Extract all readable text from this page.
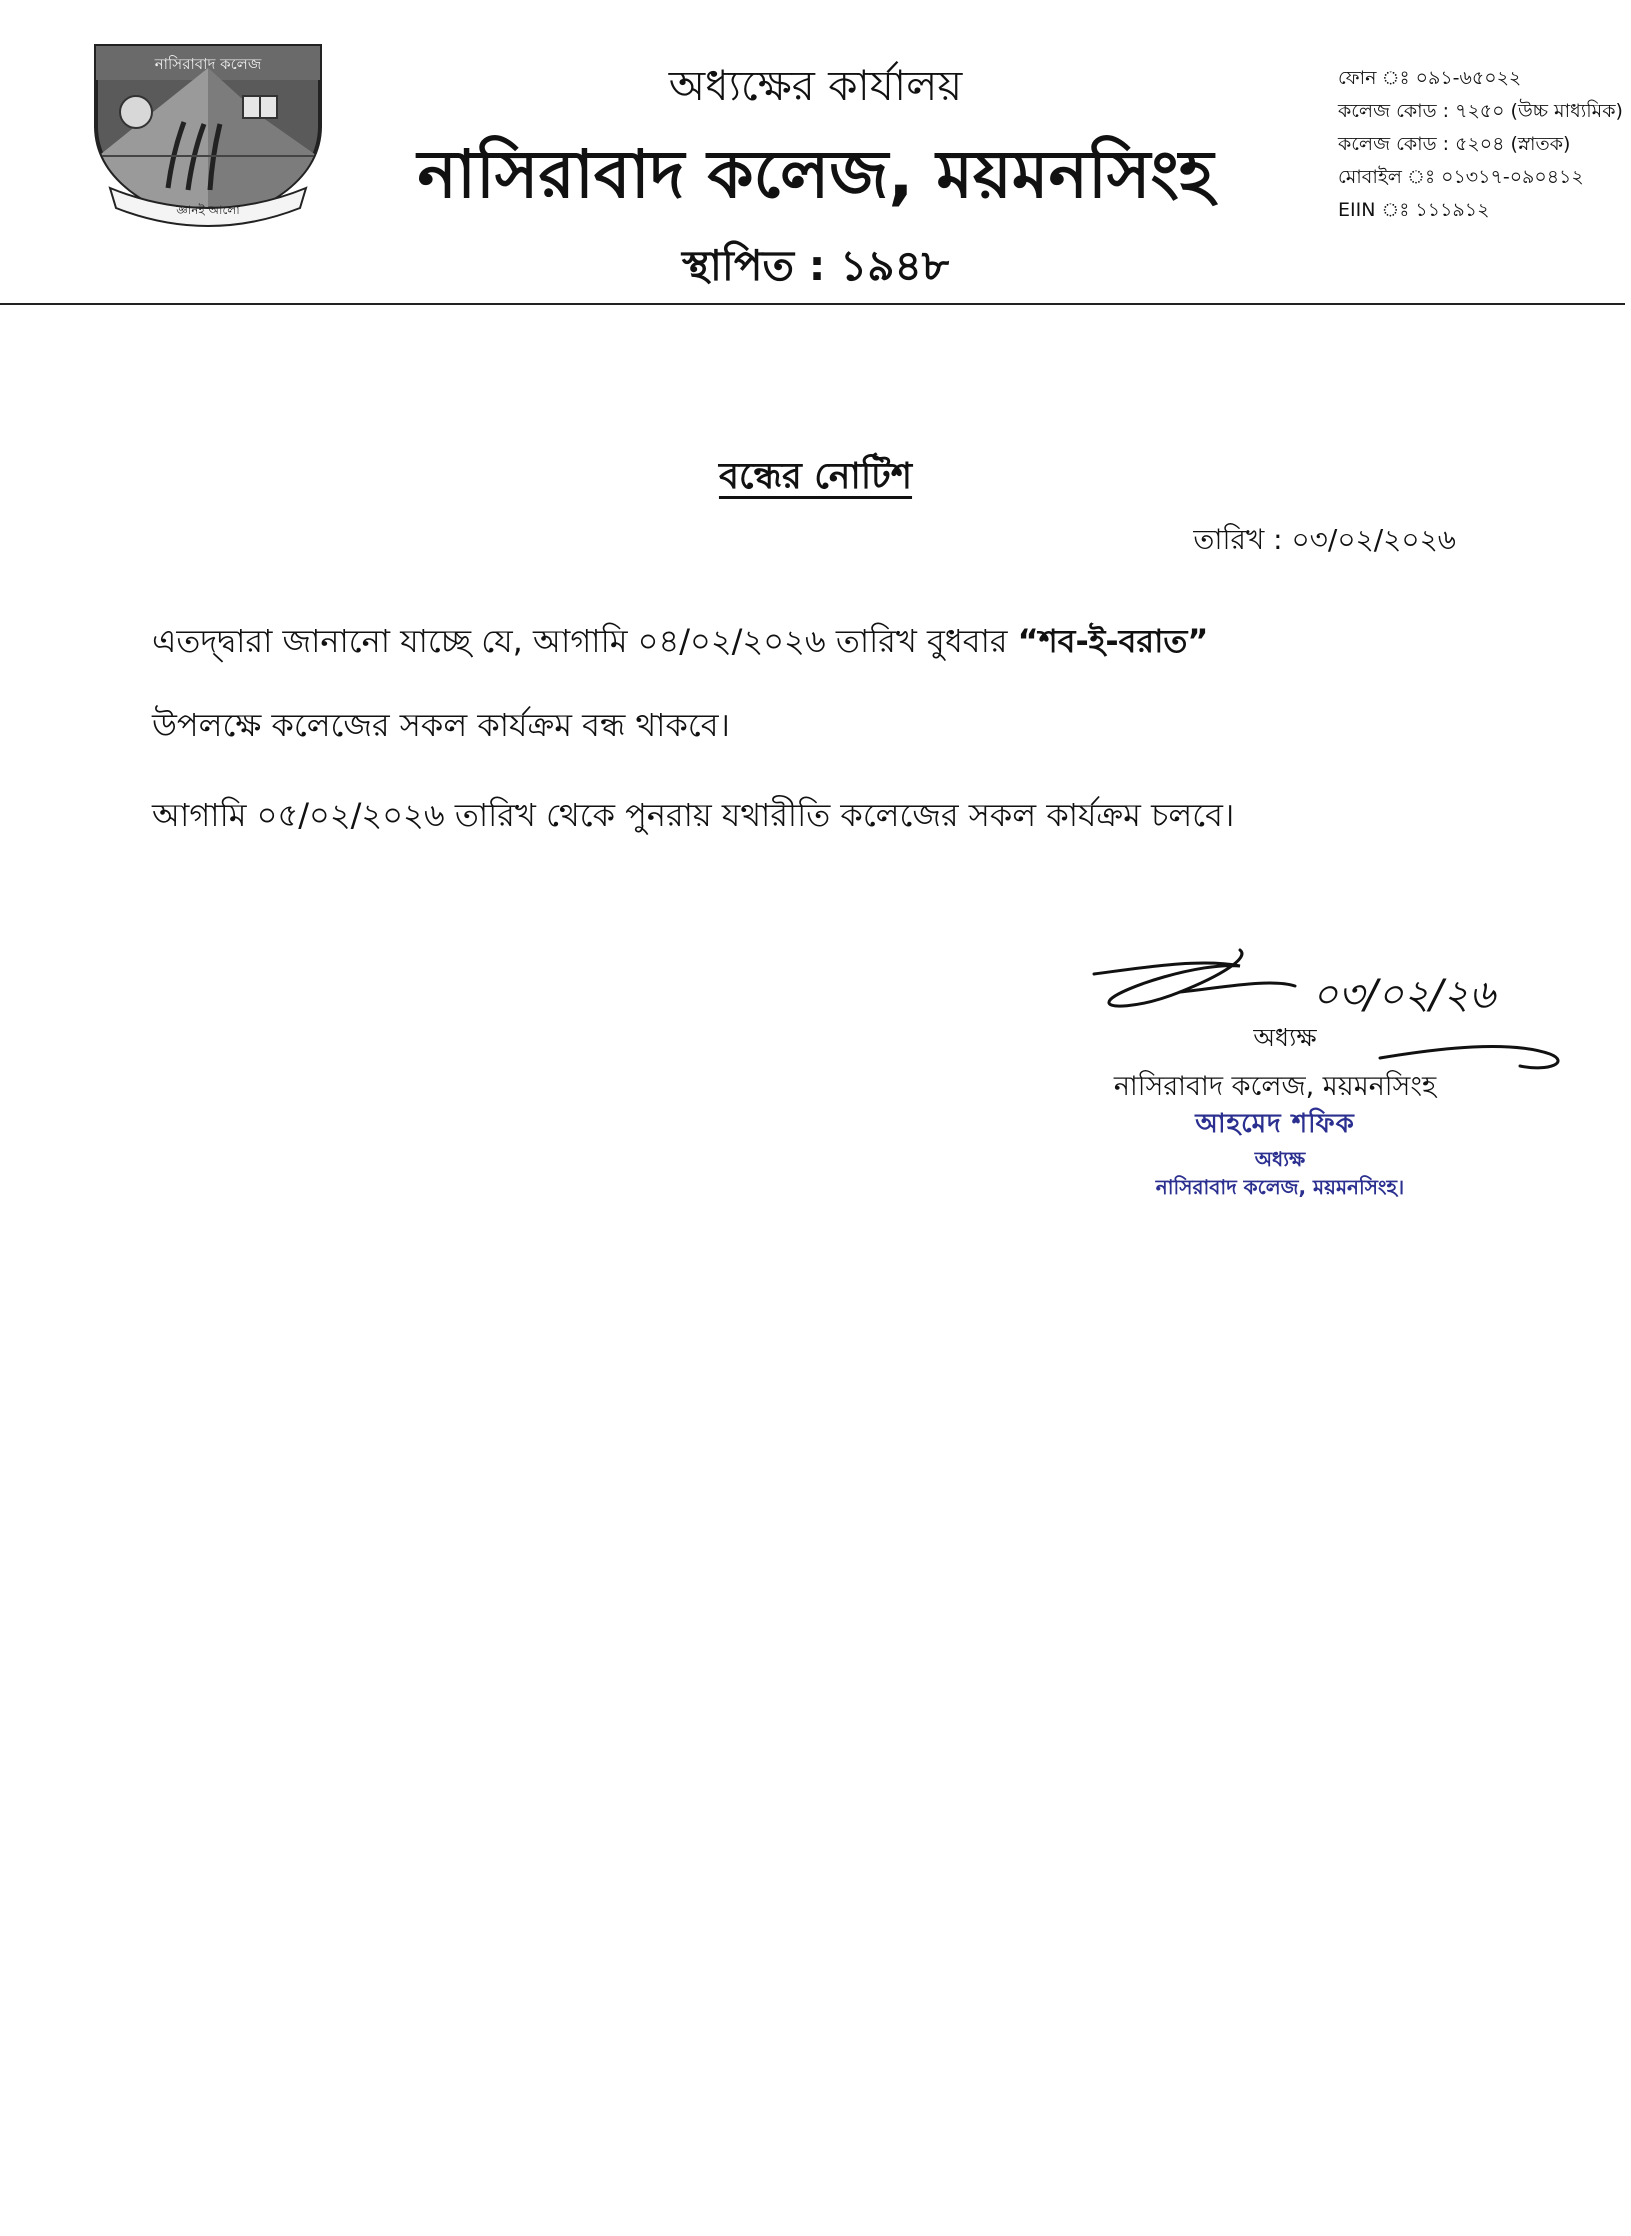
নাসিরাবাদ কলেজ
জ্ঞানই আলো
অধ্যক্ষের কার্যালয়
নাসিরাবাদ কলেজ, ময়মনসিংহ
স্থাপিত : ১৯৪৮
ফোন ঃ ০৯১-৬৫০২২
কলেজ কোড : ৭২৫০ (উচ্চ মাধ্যমিক)
কলেজ কোড : ৫২০৪ (স্নাতক)
মোবাইল ঃ ০১৩১৭-০৯০৪১২
EIIN ঃ ১১১৯১২
বন্ধের নোটিশ
তারিখ : ০৩/০২/২০২৬
এতদ্দ্বারা জানানো যাচ্ছে যে, আগামি ০৪/০২/২০২৬ তারিখ বুধবার “শব-ই-বরাত”
উপলক্ষে কলেজের সকল কার্যক্রম বন্ধ থাকবে।
আগামি ০৫/০২/২০২৬ তারিখ থেকে পুনরায় যথারীতি কলেজের সকল কার্যক্রম চলবে।
০৩/০২/২৬
অধ্যক্ষ
নাসিরাবাদ কলেজ, ময়মনসিংহ
আহমেদ শফিক
অধ্যক্ষ
নাসিরাবাদ কলেজ, ময়মনসিংহ।
